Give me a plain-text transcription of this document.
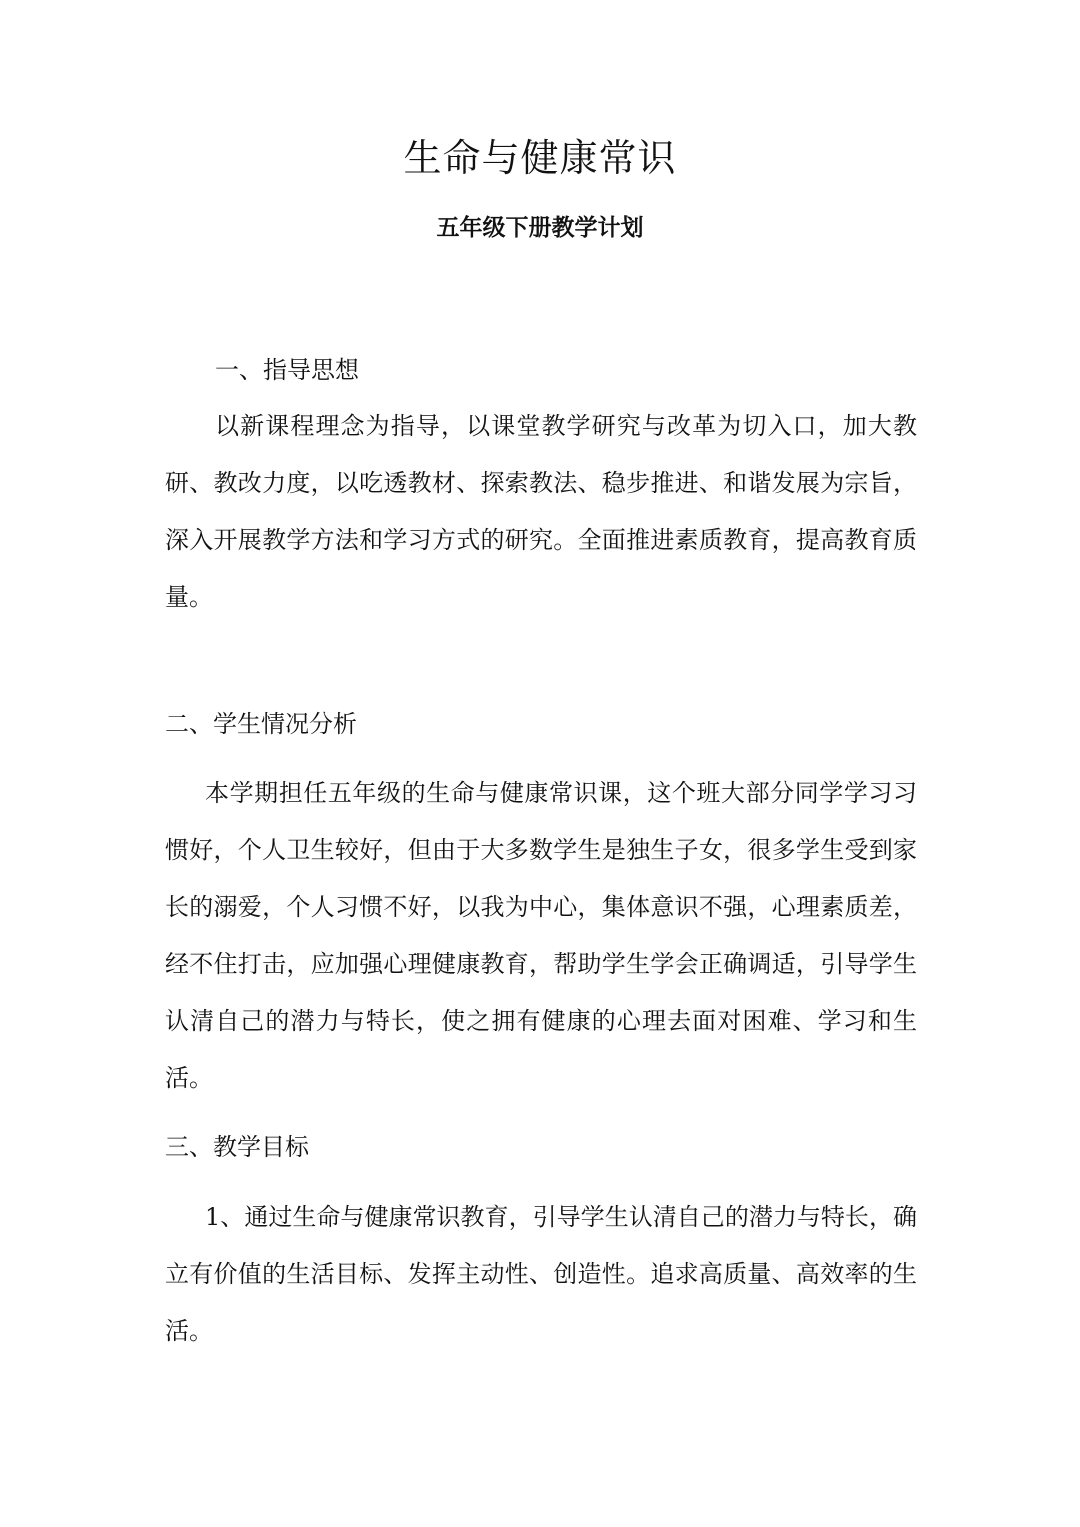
生命与健康常识
五年级下册教学计划
一、指导思想

以新课程理念为指导，以课堂教学研究与改革为切入口，加大教研、教改力度，以吃透教材、探索教法、稳步推进、和谐发展为宗旨，深入开展教学方法和学习方式的研究。全面推进素质教育，提高教育质量。

二、学生情况分析

本学期担任五年级的生命与健康常识课，这个班大部分同学学习习惯好，个人卫生较好，但由于大多数学生是独生子女，很多学生受到家长的溺爱，个人习惯不好，以我为中心，集体意识不强，心理素质差，经不住打击，应加强心理健康教育，帮助学生学会正确调适，引导学生认清自己的潜力与特长，使之拥有健康的心理去面对困难、学习和生活。

三、教学目标

1、通过生命与健康常识教育，引导学生认清自己的潜力与特长，确立有价值的生活目标、发挥主动性、创造性。追求高质量、高效率的生活。
